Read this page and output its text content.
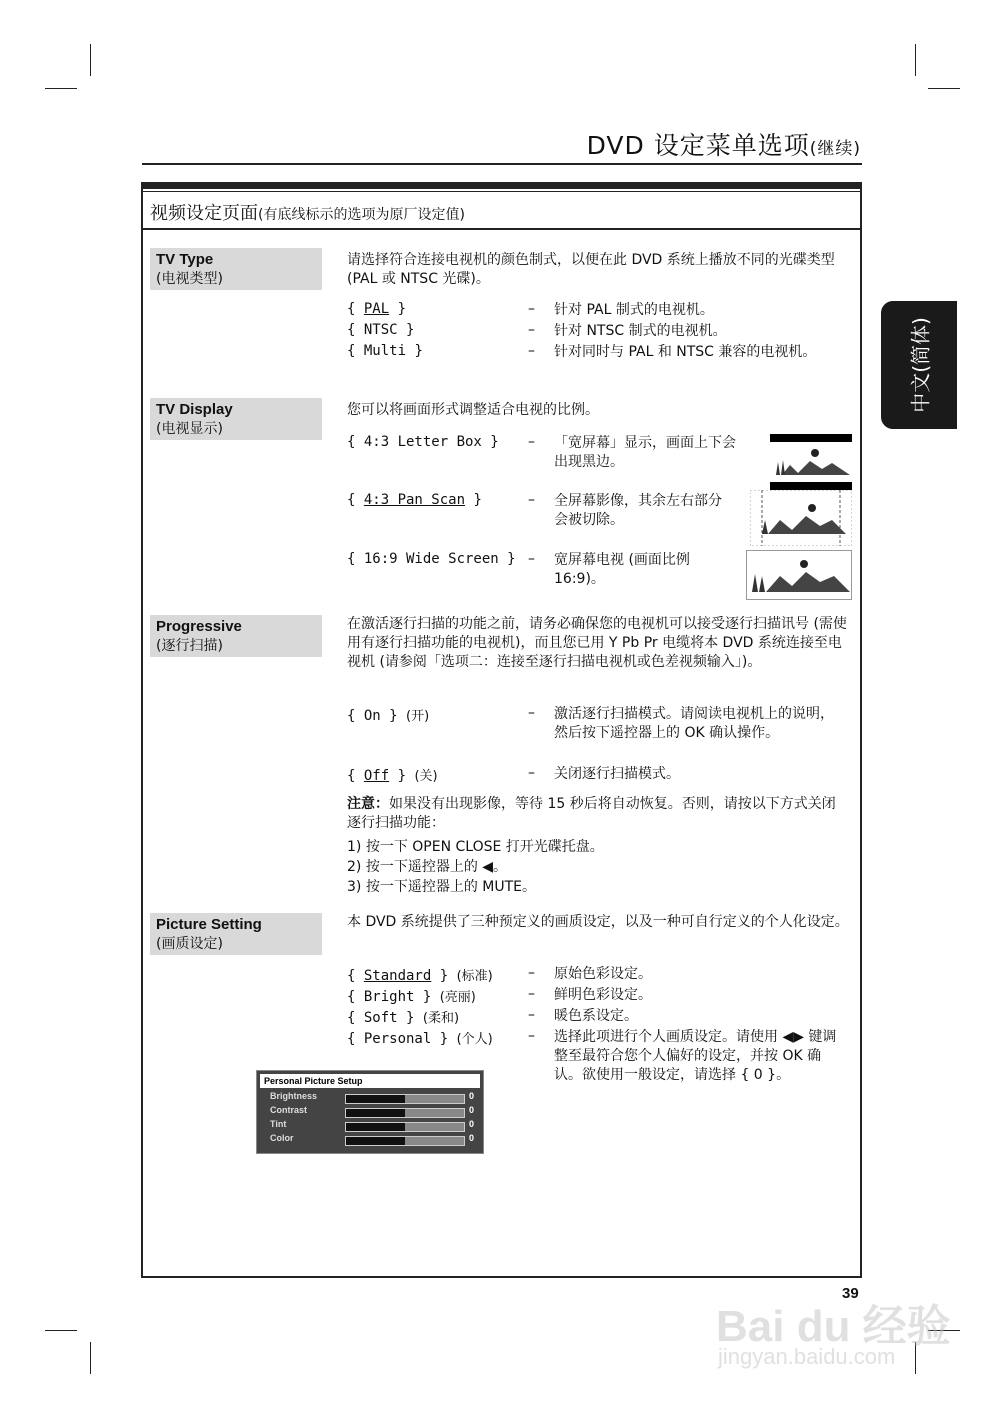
DVD 设定菜单选项(继续)
中文(简体)
视频设定页面(有底线标示的选项为原厂设定值)
TV Type
(电视类型)
请选择符合连接电视机的颜色制式，以便在此 DVD 系统上播放不同的光碟类型 (PAL 或 NTSC 光碟)。
{ PAL }	– 针对 PAL 制式的电视机。
{ NTSC }	– 针对 NTSC 制式的电视机。
{ Multi }	– 针对同时与 PAL 和 NTSC 兼容的电视机。
TV Display
(电视显示)
您可以将画面形式调整适合电视的比例。
{ 4:3 Letter Box } – 「宽屏幕」显示，画面上下会出现黑边。
{ 4:3 Pan Scan }	– 全屏幕影像，其余左右部分会被切除。
{ 16:9 Wide Screen } – 宽屏幕电视 (画面比例 16:9)。
Progressive
(逐行扫描)
在激活逐行扫描的功能之前，请务必确保您的电视机可以接受逐行扫描讯号 (需使用有逐行扫描功能的电视机)，而且您已用 Y Pb Pr 电缆将本 DVD 系统连接至电视机 (请参阅「选项二：连接至逐行扫描电视机或色差视频输入」)。
{ On } (开)	– 激活逐行扫描模式。请阅读电视机上的说明，然后按下遥控器上的 OK 确认操作。
{ Off } (关)	– 关闭逐行扫描模式。
注意：如果没有出现影像，等待 15 秒后将自动恢复。否则，请按以下方式关闭逐行扫描功能：
1) 按一下 OPEN CLOSE 打开光碟托盘。
2) 按一下遥控器上的 ◀。
3) 按一下遥控器上的 MUTE。
Picture Setting
(画质设定)
本 DVD 系统提供了三种预定义的画质设定，以及一种可自行定义的个人化设定。
{ Standard } (标准)	– 原始色彩设定。
{ Bright } (亮丽)	– 鲜明色彩设定。
{ Soft } (柔和)	– 暖色系设定。
{ Personal } (个人)	– 选择此项进行个人画质设定。请使用 ◀▶ 键调整至最符合您个人偏好的设定，并按 OK 确认。欲使用一般设定，请选择 { 0 }。
Personal Picture Setup
Brightness	0
Contrast	0
Tint	0
Color	0
Bai du 经验
jingyan.baidu.com
39
